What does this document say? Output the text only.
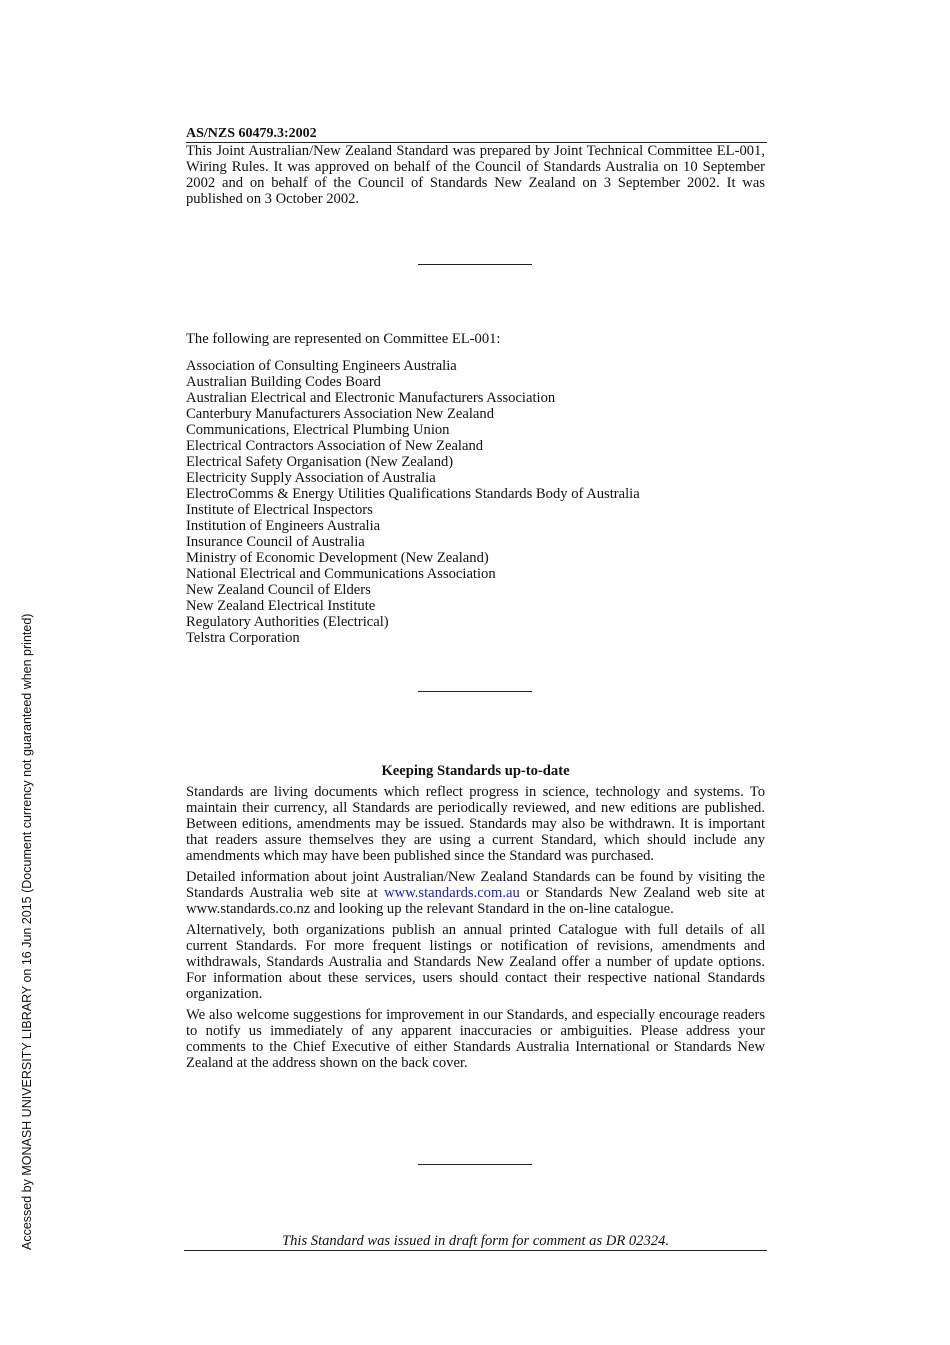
AS/NZS 60479.3:2002

This Joint Australian/New Zealand Standard was prepared by Joint Technical Committee EL-001, Wiring Rules. It was approved on behalf of the Council of Standards Australia on 10 September 2002 and on behalf of the Council of Standards New Zealand on 3 September 2002. It was published on 3 October 2002.

The following are represented on Committee EL-001:
Association of Consulting Engineers Australia
Australian Building Codes Board
Australian Electrical and Electronic Manufacturers Association
Canterbury Manufacturers Association New Zealand
Communications, Electrical Plumbing Union
Electrical Contractors Association of New Zealand
Electrical Safety Organisation (New Zealand)
Electricity Supply Association of Australia
ElectroComms & Energy Utilities Qualifications Standards Body of Australia
Institute of Electrical Inspectors
Institution of Engineers Australia
Insurance Council of Australia
Ministry of Economic Development (New Zealand)
National Electrical and Communications Association
New Zealand Council of Elders
New Zealand Electrical Institute
Regulatory Authorities (Electrical)
Telstra Corporation
Keeping Standards up-to-date

Standards are living documents which reflect progress in science, technology and systems. To maintain their currency, all Standards are periodically reviewed, and new editions are published. Between editions, amendments may be issued. Standards may also be withdrawn. It is important that readers assure themselves they are using a current Standard, which should include any amendments which may have been published since the Standard was purchased.

Detailed information about joint Australian/New Zealand Standards can be found by visiting the Standards Australia web site at www.standards.com.au or Standards New Zealand web site at www.standards.co.nz and looking up the relevant Standard in the on-line catalogue.

Alternatively, both organizations publish an annual printed Catalogue with full details of all current Standards. For more frequent listings or notification of revisions, amendments and withdrawals, Standards Australia and Standards New Zealand offer a number of update options. For information about these services, users should contact their respective national Standards organization.

We also welcome suggestions for improvement in our Standards, and especially encourage readers to notify us immediately of any apparent inaccuracies or ambiguities. Please address your comments to the Chief Executive of either Standards Australia International or Standards New Zealand at the address shown on the back cover.

This Standard was issued in draft form for comment as DR 02324.
Accessed by MONASH UNIVERSITY LIBRARY on 16 Jun 2015 (Document currency not guaranteed when printed)
